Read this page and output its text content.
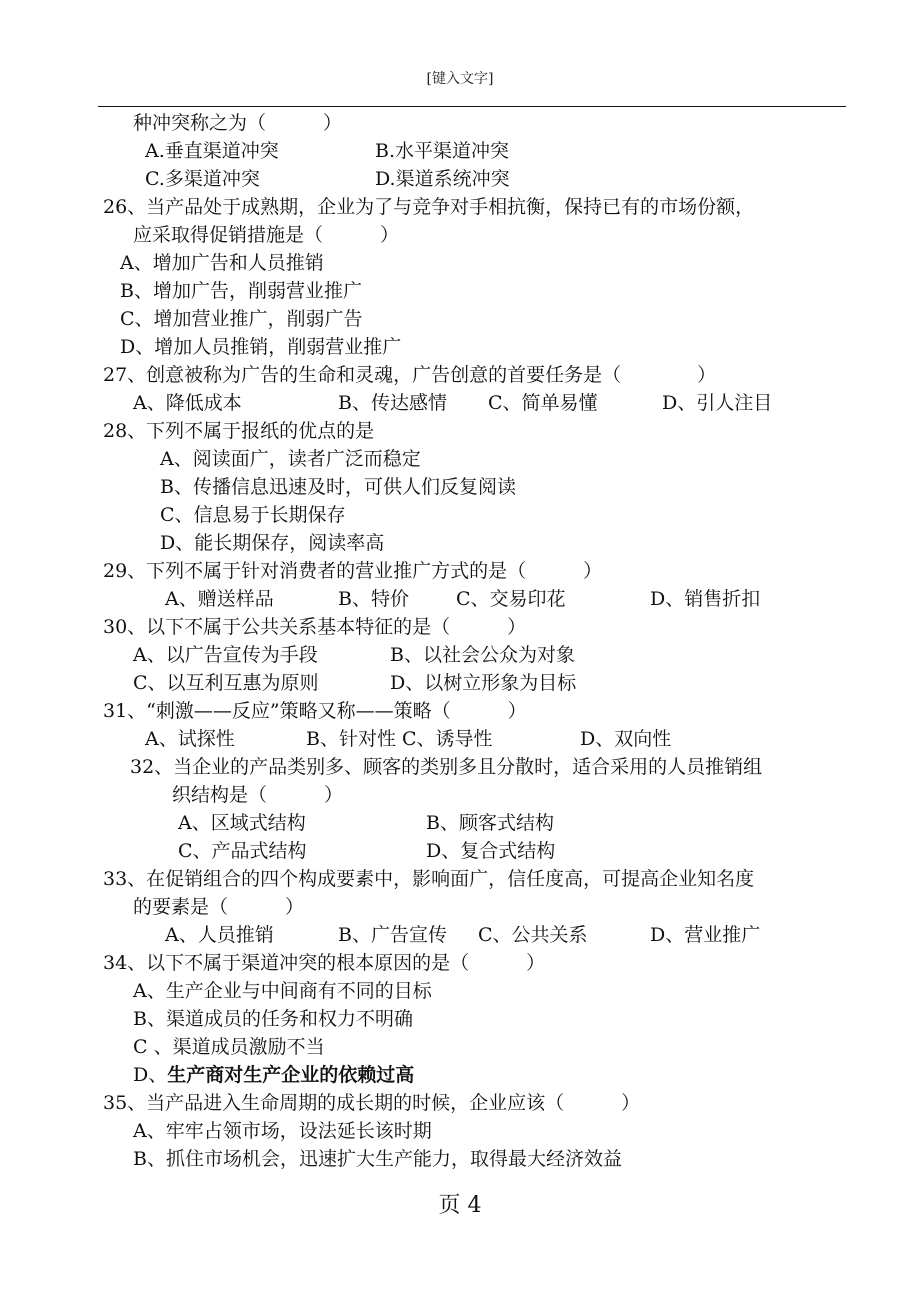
[键入文字]
种冲突称之为（　　　）
A.垂直渠道冲突	B.水平渠道冲突
C.多渠道冲突	D.渠道系统冲突
26、当产品处于成熟期，企业为了与竞争对手相抗衡，保持已有的市场份额，
应采取得促销措施是（　　　）
A、增加广告和人员推销
B、增加广告，削弱营业推广
C、增加营业推广，削弱广告
D、增加人员推销，削弱营业推广
27、创意被称为广告的生命和灵魂，广告创意的首要任务是（　　　　）
A、降低成本	B、传达感情 C、简单易懂	D、引人注目
28、下列不属于报纸的优点的是
A、阅读面广，读者广泛而稳定
B、传播信息迅速及时，可供人们反复阅读
C、信息易于长期保存
D、能长期保存，阅读率高
29、下列不属于针对消费者的营业推广方式的是（　　　）
A、赠送样品	B、特价 C、交易印花	D、销售折扣
30、以下不属于公共关系基本特征的是（　　　）
A、以广告宣传为手段	B、以社会公众为对象
C、以互利互惠为原则	D、以树立形象为目标
31、“刺激——反应”策略又称——策略（　　　）
A、试探性	B、针对性 C、诱导性	D、双向性
32、当企业的产品类别多、顾客的类别多且分散时，适合采用的人员推销组
织结构是（　　　）
A、区域式结构	B、顾客式结构
C、产品式结构	D、复合式结构
33、在促销组合的四个构成要素中，影响面广，信任度高，可提高企业知名度
的要素是（　　　）
A、人员推销	B、广告宣传 C、公共关系	D、营业推广
34、以下不属于渠道冲突的根本原因的是（　　　）
A、生产企业与中间商有不同的目标
B、渠道成员的任务和权力不明确
C 、渠道成员激励不当
D、生产商对生产企业的依赖过高
35、当产品进入生命周期的成长期的时候，企业应该（　　　）
A、牢牢占领市场，设法延长该时期
B、抓住市场机会，迅速扩大生产能力，取得最大经济效益
页 4
